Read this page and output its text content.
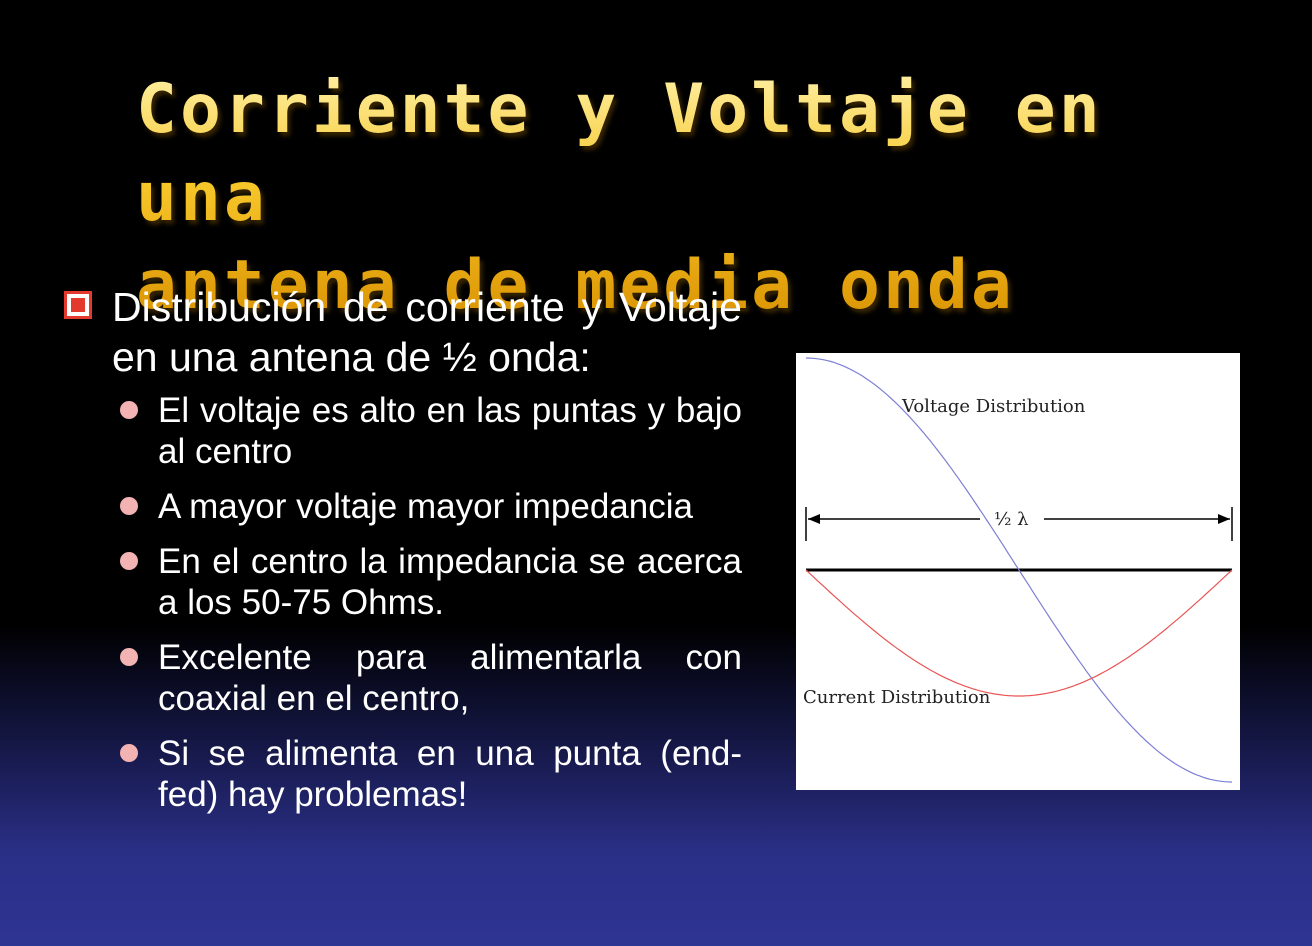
Corriente y Voltaje en una
antena de media onda
Distribución de corriente y Voltaje en una antena de ½ onda:
El voltaje es alto en las puntas y bajo al centro
A mayor voltaje mayor impedancia
En el centro la impedancia se acerca a los 50-75 Ohms.
Excelente para alimentarla con coaxial en el centro,
Si se alimenta en una punta (end-fed) hay problemas!
Voltage Distribution
Current Distribution
½ λ
